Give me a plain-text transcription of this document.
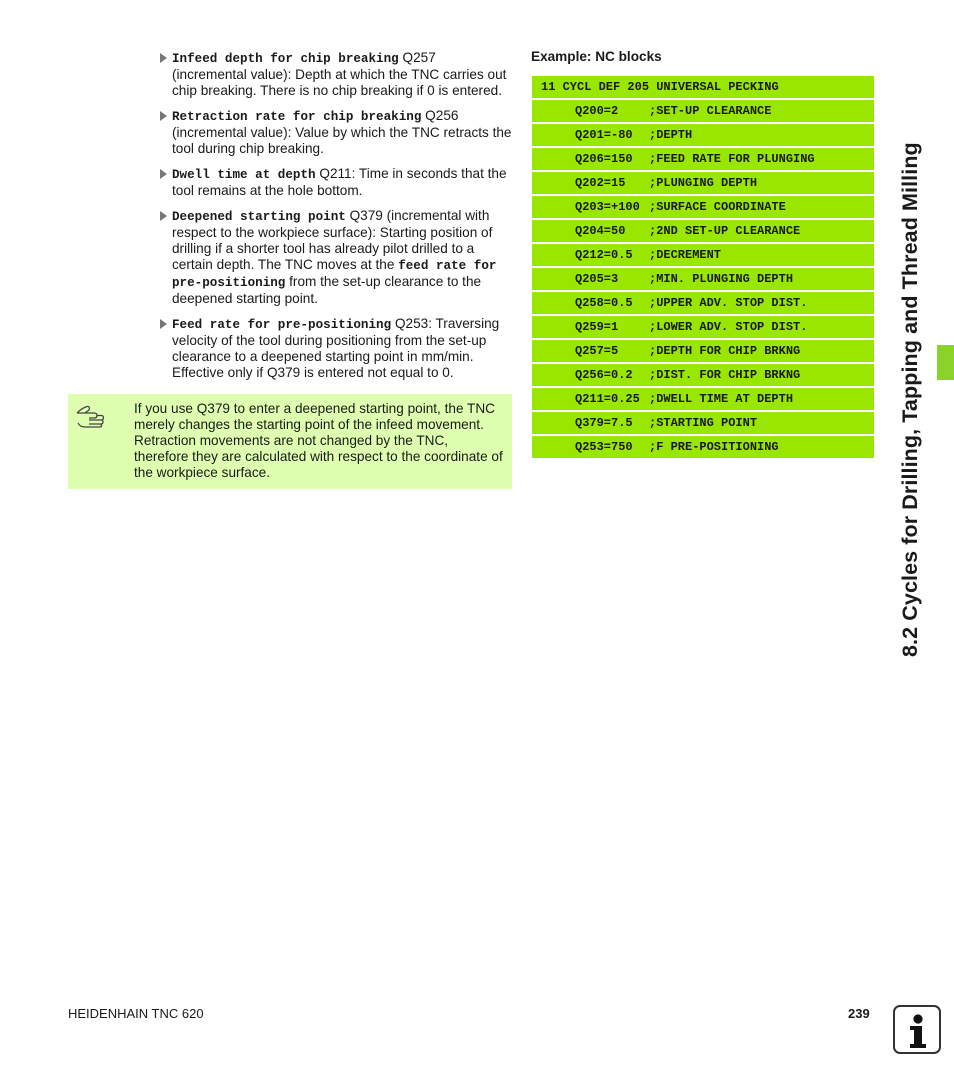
Infeed depth for chip breaking Q257 (incremental value): Depth at which the TNC carries out chip breaking. There is no chip breaking if 0 is entered.
Retraction rate for chip breaking Q256 (incremental value): Value by which the TNC retracts the tool during chip breaking.
Dwell time at depth Q211: Time in seconds that the tool remains at the hole bottom.
Deepened starting point Q379 (incremental with respect to the workpiece surface): Starting position of drilling if a shorter tool has already pilot drilled to a certain depth. The TNC moves at the feed rate for pre-positioning from the set-up clearance to the deepened starting point.
Feed rate for pre-positioning Q253: Traversing velocity of the tool during positioning from the set-up clearance to a deepened starting point in mm/min. Effective only if Q379 is entered not equal to 0.
If you use Q379 to enter a deepened starting point, the TNC merely changes the starting point of the infeed movement. Retraction movements are not changed by the TNC, therefore they are calculated with respect to the coordinate of the workpiece surface.
Example: NC blocks
11 CYCL DEF 205 UNIVERSAL PECKING
Q200=2	;SET-UP CLEARANCE
Q201=-80 ;DEPTH
Q206=150 ;FEED RATE FOR PLUNGING
Q202=15 ;PLUNGING DEPTH
Q203=+100 ;SURFACE COORDINATE
Q204=50 ;2ND SET-UP CLEARANCE
Q212=0.5 ;DECREMENT
Q205=3	;MIN. PLUNGING DEPTH
Q258=0.5 ;UPPER ADV. STOP DIST.
Q259=1	;LOWER ADV. STOP DIST.
Q257=5	;DEPTH FOR CHIP BRKNG
Q256=0.2 ;DIST. FOR CHIP BRKNG
Q211=0.25 ;DWELL TIME AT DEPTH
Q379=7.5 ;STARTING POINT
Q253=750 ;F PRE-POSITIONING	8.2 Cycles for Drilling, Tapping and Thread Milling
HEIDENHAIN TNC 620	239
